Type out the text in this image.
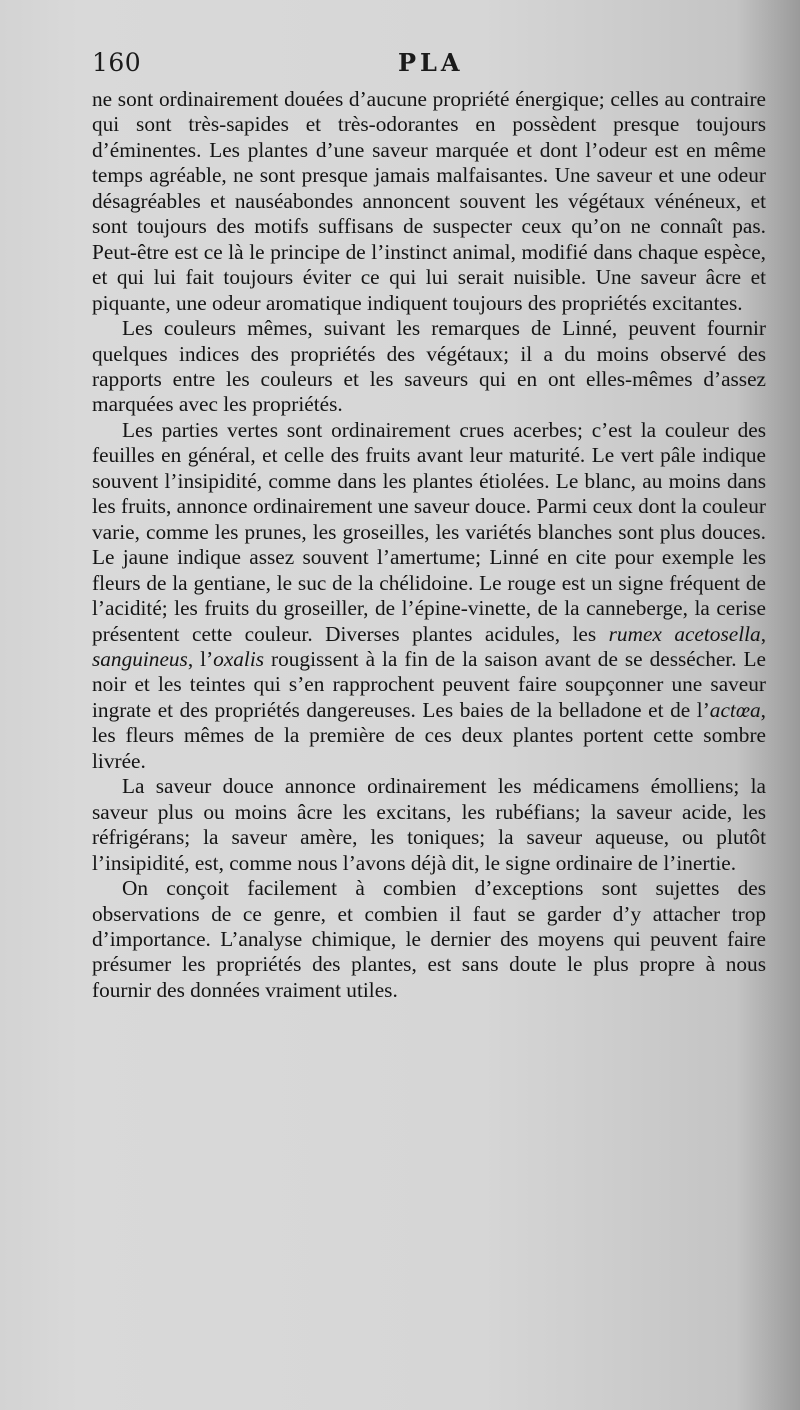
160	PLA

ne sont ordinairement douées d’aucune propriété énergique; celles au contraire qui sont très-sapides et très-odorantes en possèdent presque toujours d’éminentes. Les plantes d’une saveur marquée et dont l’odeur est en même temps agréable, ne sont presque jamais malfaisantes. Une saveur et une odeur désagréables et nauséabondes annoncent souvent les végétaux vénéneux, et sont toujours des motifs suffisans de suspecter ceux qu’on ne connaît pas. Peut-être est ce là le principe de l’instinct animal, modifié dans chaque espèce, et qui lui fait toujours éviter ce qui lui serait nuisible. Une saveur âcre et piquante, une odeur aromatique indiquent toujours des propriétés excitantes.

Les couleurs mêmes, suivant les remarques de Linné, peuvent fournir quelques indices des propriétés des végétaux; il a du moins observé des rapports entre les couleurs et les saveurs qui en ont elles-mêmes d’assez marquées avec les propriétés.

Les parties vertes sont ordinairement crues acerbes; c’est la couleur des feuilles en général, et celle des fruits avant leur maturité. Le vert pâle indique souvent l’insipidité, comme dans les plantes étiolées. Le blanc, au moins dans les fruits, annonce ordinairement une saveur douce. Parmi ceux dont la couleur varie, comme les prunes, les groseilles, les variétés blanches sont plus douces. Le jaune indique assez souvent l’amertume; Linné en cite pour exemple les fleurs de la gentiane, le suc de la chélidoine. Le rouge est un signe fréquent de l’acidité; les fruits du groseiller, de l’épine-vinette, de la canneberge, la cerise présentent cette couleur. Diverses plantes acidules, les rumex acetosella, sanguineus, l’oxalis rougissent à la fin de la saison avant de se dessécher. Le noir et les teintes qui s’en rapprochent peuvent faire soupçonner une saveur ingrate et des propriétés dangereuses. Les baies de la belladone et de l’actœa, les fleurs mêmes de la première de ces deux plantes portent cette sombre livrée.

La saveur douce annonce ordinairement les médicamens émolliens; la saveur plus ou moins âcre les excitans, les rubéfians; la saveur acide, les réfrigérans; la saveur amère, les toniques; la saveur aqueuse, ou plutôt l’insipidité, est, comme nous l’avons déjà dit, le signe ordinaire de l’inertie.

On conçoit facilement à combien d’exceptions sont sujettes des observations de ce genre, et combien il faut se garder d’y attacher trop d’importance. L’analyse chimique, le dernier des moyens qui peuvent faire présumer les propriétés des plantes, est sans doute le plus propre à nous fournir des données vraiment utiles.
